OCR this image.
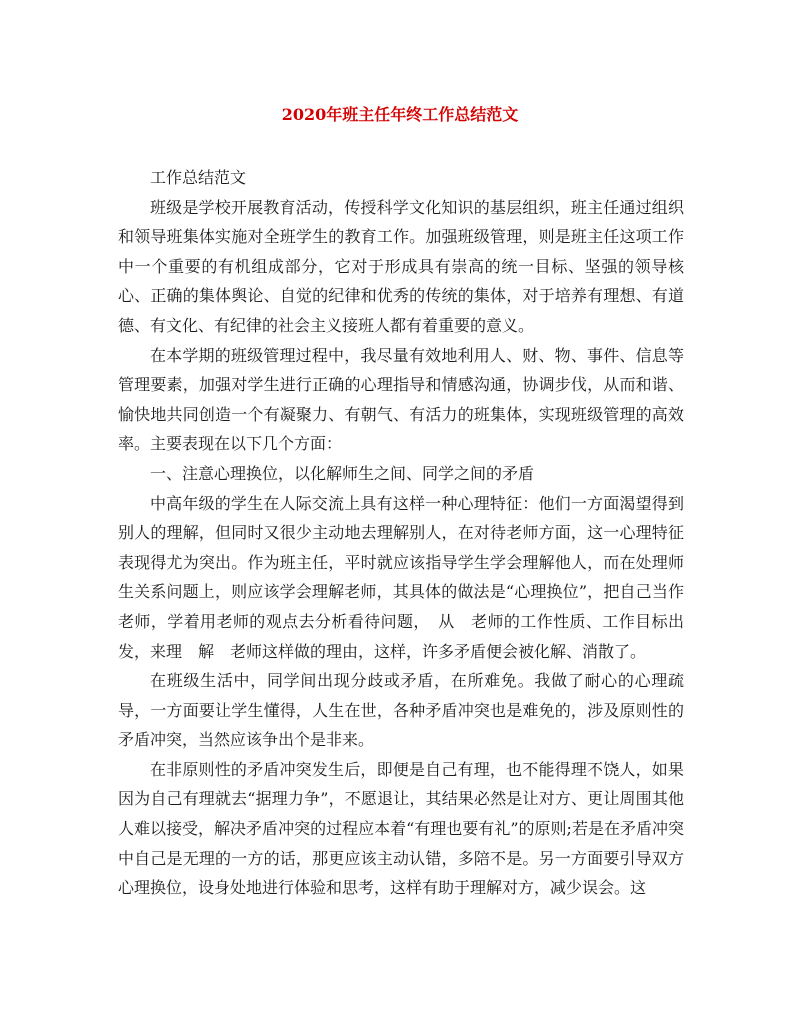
2020年班主任年终工作总结范文

工作总结范文

班级是学校开展教育活动，传授科学文化知识的基层组织，班主任通过组织和领导班集体实施对全班学生的教育工作。加强班级管理，则是班主任这项工作中一个重要的有机组成部分，它对于形成具有崇高的统一目标、坚强的领导核心、正确的集体舆论、自觉的纪律和优秀的传统的集体，对于培养有理想、有道德、有文化、有纪律的社会主义接班人都有着重要的意义。

在本学期的班级管理过程中，我尽量有效地利用人、财、物、事件、信息等管理要素，加强对学生进行正确的心理指导和情感沟通，协调步伐，从而和谐、愉快地共同创造一个有凝聚力、有朝气、有活力的班集体，实现班级管理的高效率。主要表现在以下几个方面：

一、注意心理换位，以化解师生之间、同学之间的矛盾

中高年级的学生在人际交流上具有这样一种心理特征：他们一方面渴望得到别人的理解，但同时又很少主动地去理解别人，在对待老师方面，这一心理特征表现得尤为突出。作为班主任，平时就应该指导学生学会理解他人，而在处理师生关系问题上，则应该学会理解老师，其具体的做法是“心理换位”，把自己当作老师，学着用老师的观点去分析看待问题，　从　老师的工作性质、工作目标出发，来理　解　老师这样做的理由，这样，许多矛盾便会被化解、消散了。

在班级生活中，同学间出现分歧或矛盾，在所难免。我做了耐心的心理疏导，一方面要让学生懂得，人生在世，各种矛盾冲突也是难免的，涉及原则性的矛盾冲突，当然应该争出个是非来。

在非原则性的矛盾冲突发生后，即便是自己有理，也不能得理不饶人，如果因为自己有理就去“据理力争”，不愿退让，其结果必然是让对方、更让周围其他人难以接受，解决矛盾冲突的过程应本着“有理也要有礼”的原则;若是在矛盾冲突中自己是无理的一方的话，那更应该主动认错，多陪不是。另一方面要引导双方心理换位，设身处地进行体验和思考，这样有助于理解对方，减少误会。这
